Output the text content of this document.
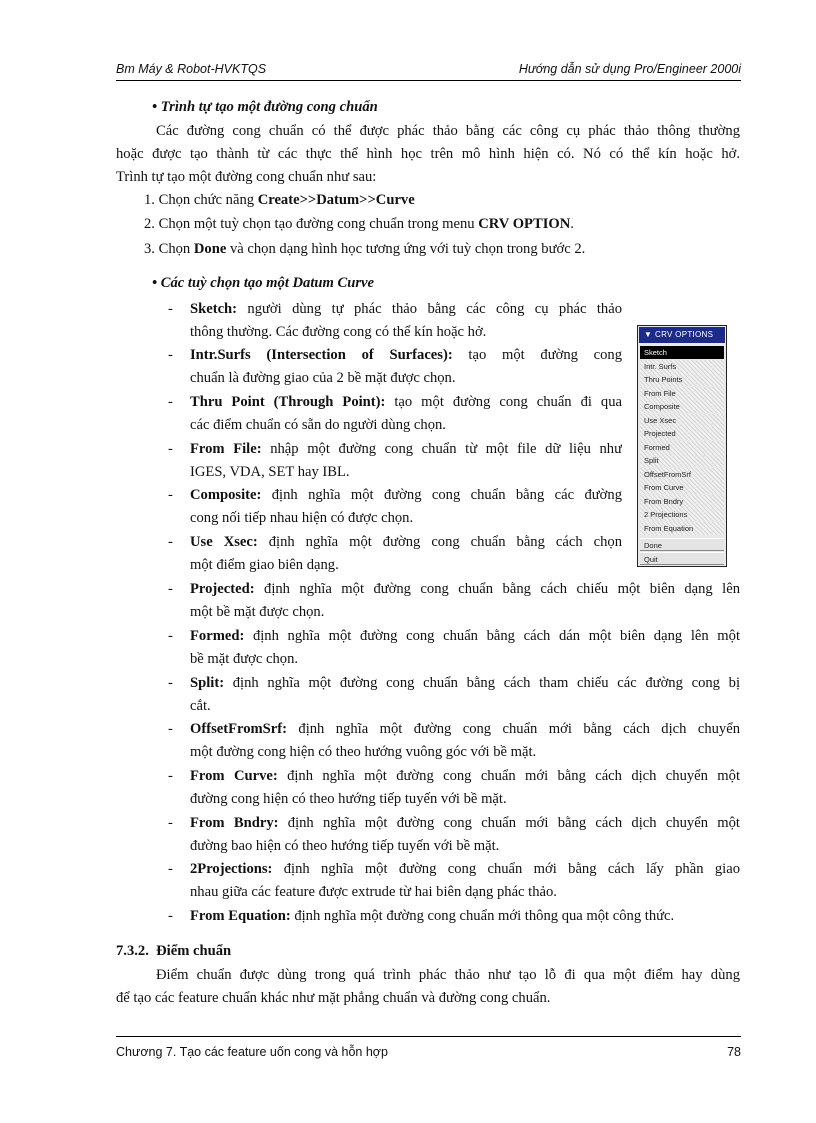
Bm Máy & Robot-HVKTQS	Hướng dẫn sử dụng Pro/Engineer 2000i
• Trình tự tạo một đường cong chuẩn
Các đường cong chuẩn có thể được phác thảo bằng các công cụ phác thảo thông thường
hoặc được tạo thành từ các thực thể hình học trên mô hình hiện có. Nó có thể kín hoặc hở.
Trình tự tạo một đường cong chuẩn như sau:
1. Chọn chức năng Create>>Datum>>Curve
2. Chọn một tuỳ chọn tạo đường cong chuẩn trong menu CRV OPTION.
3. Chọn Done và chọn dạng hình học tương ứng với tuỳ chọn trong bước 2.
• Các tuỳ chọn tạo một Datum Curve
- Sketch: người dùng tự phác thảo bằng các công cụ phác thảo
thông thường. Các đường cong có thể kín hoặc hở.
- Intr.Surfs (Intersection of Surfaces): tạo một đường cong
chuẩn là đường giao của 2 bề mặt được chọn.
- Thru Point (Through Point): tạo một đường cong chuẩn đi qua
các điểm chuẩn có sẵn do người dùng chọn.
- From File: nhập một đường cong chuẩn từ một file dữ liệu như
IGES, VDA, SET hay IBL.
- Composite: định nghĩa một đường cong chuẩn bằng các đường
cong nối tiếp nhau hiện có được chọn.
- Use Xsec: định nghĩa một đường cong chuẩn bằng cách chọn
một điểm giao biên dạng.
- Projected: định nghĩa một đường cong chuẩn bằng cách chiếu một biên dạng lên
một bề mặt được chọn.
- Formed: định nghĩa một đường cong chuẩn bằng cách dán một biên dạng lên một
bề mặt được chọn.
- Split: định nghĩa một đường cong chuẩn bằng cách tham chiếu các đường cong bị
cắt.
- OffsetFromSrf: định nghĩa một đường cong chuẩn mới bằng cách dịch chuyển
một đường cong hiện có theo hướng vuông góc với bề mặt.
- From Curve: định nghĩa một đường cong chuẩn mới bằng cách dịch chuyển một
đường cong hiện có theo hướng tiếp tuyến với bề mặt.
- From Bndry: định nghĩa một đường cong chuẩn mới bằng cách dịch chuyển một
đường bao hiện có theo hướng tiếp tuyến với bề mặt.
- 2Projections: định nghĩa một đường cong chuẩn mới bằng cách lấy phần giao
nhau giữa các feature được extrude từ hai biên dạng phác thảo.
- From Equation: định nghĩa một đường cong chuẩn mới thông qua một công thức.
▼ CRV OPTIONS
Sketch
Intr. Surfs
Thru Points
From File
Composite
Use Xsec
Projected
Formed
Split
OffsetFromSrf
From Curve
From Bndry
2 Projections
From Equation
Done
Quit
7.3.2. Điểm chuẩn
Điểm chuẩn được dùng trong quá trình phác thảo như tạo lỗ đi qua một điểm hay dùng
để tạo các feature chuẩn khác như mặt phẳng chuẩn và đường cong chuẩn.
Chương 7. Tạo các feature uốn cong và hỗn hợp	78
